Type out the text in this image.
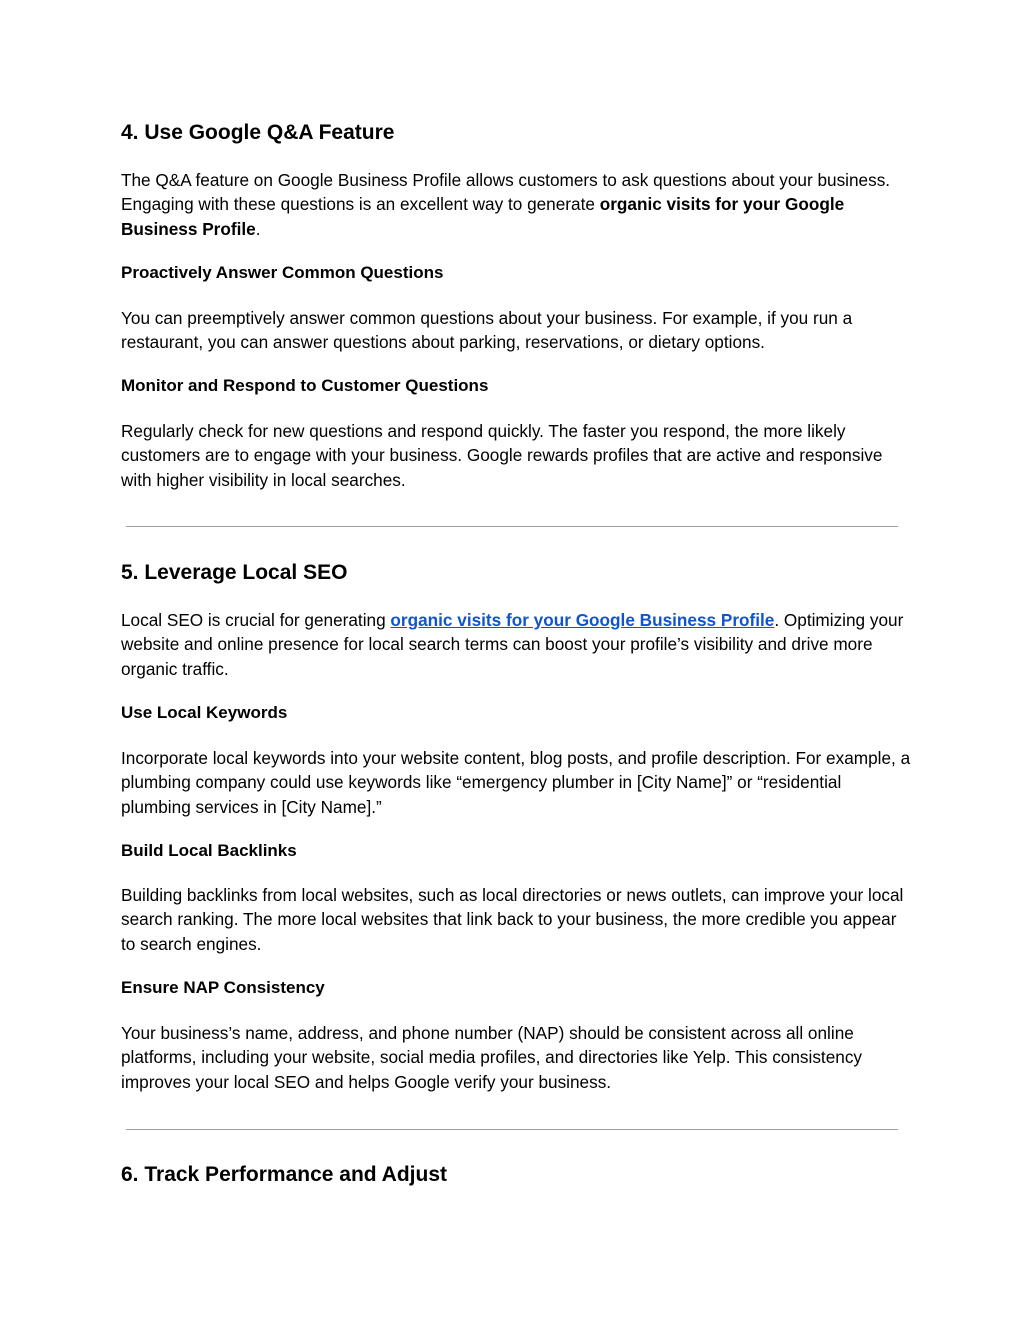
4. Use Google Q&A Feature
The Q&A feature on Google Business Profile allows customers to ask questions about your business. Engaging with these questions is an excellent way to generate organic visits for your Google Business Profile.
Proactively Answer Common Questions
You can preemptively answer common questions about your business. For example, if you run a restaurant, you can answer questions about parking, reservations, or dietary options.
Monitor and Respond to Customer Questions
Regularly check for new questions and respond quickly. The faster you respond, the more likely customers are to engage with your business. Google rewards profiles that are active and responsive with higher visibility in local searches.
5. Leverage Local SEO
Local SEO is crucial for generating organic visits for your Google Business Profile. Optimizing your website and online presence for local search terms can boost your profile’s visibility and drive more organic traffic.
Use Local Keywords
Incorporate local keywords into your website content, blog posts, and profile description. For example, a plumbing company could use keywords like “emergency plumber in [City Name]” or “residential plumbing services in [City Name].”
Build Local Backlinks
Building backlinks from local websites, such as local directories or news outlets, can improve your local search ranking. The more local websites that link back to your business, the more credible you appear to search engines.
Ensure NAP Consistency
Your business’s name, address, and phone number (NAP) should be consistent across all online platforms, including your website, social media profiles, and directories like Yelp. This consistency improves your local SEO and helps Google verify your business.
6. Track Performance and Adjust
